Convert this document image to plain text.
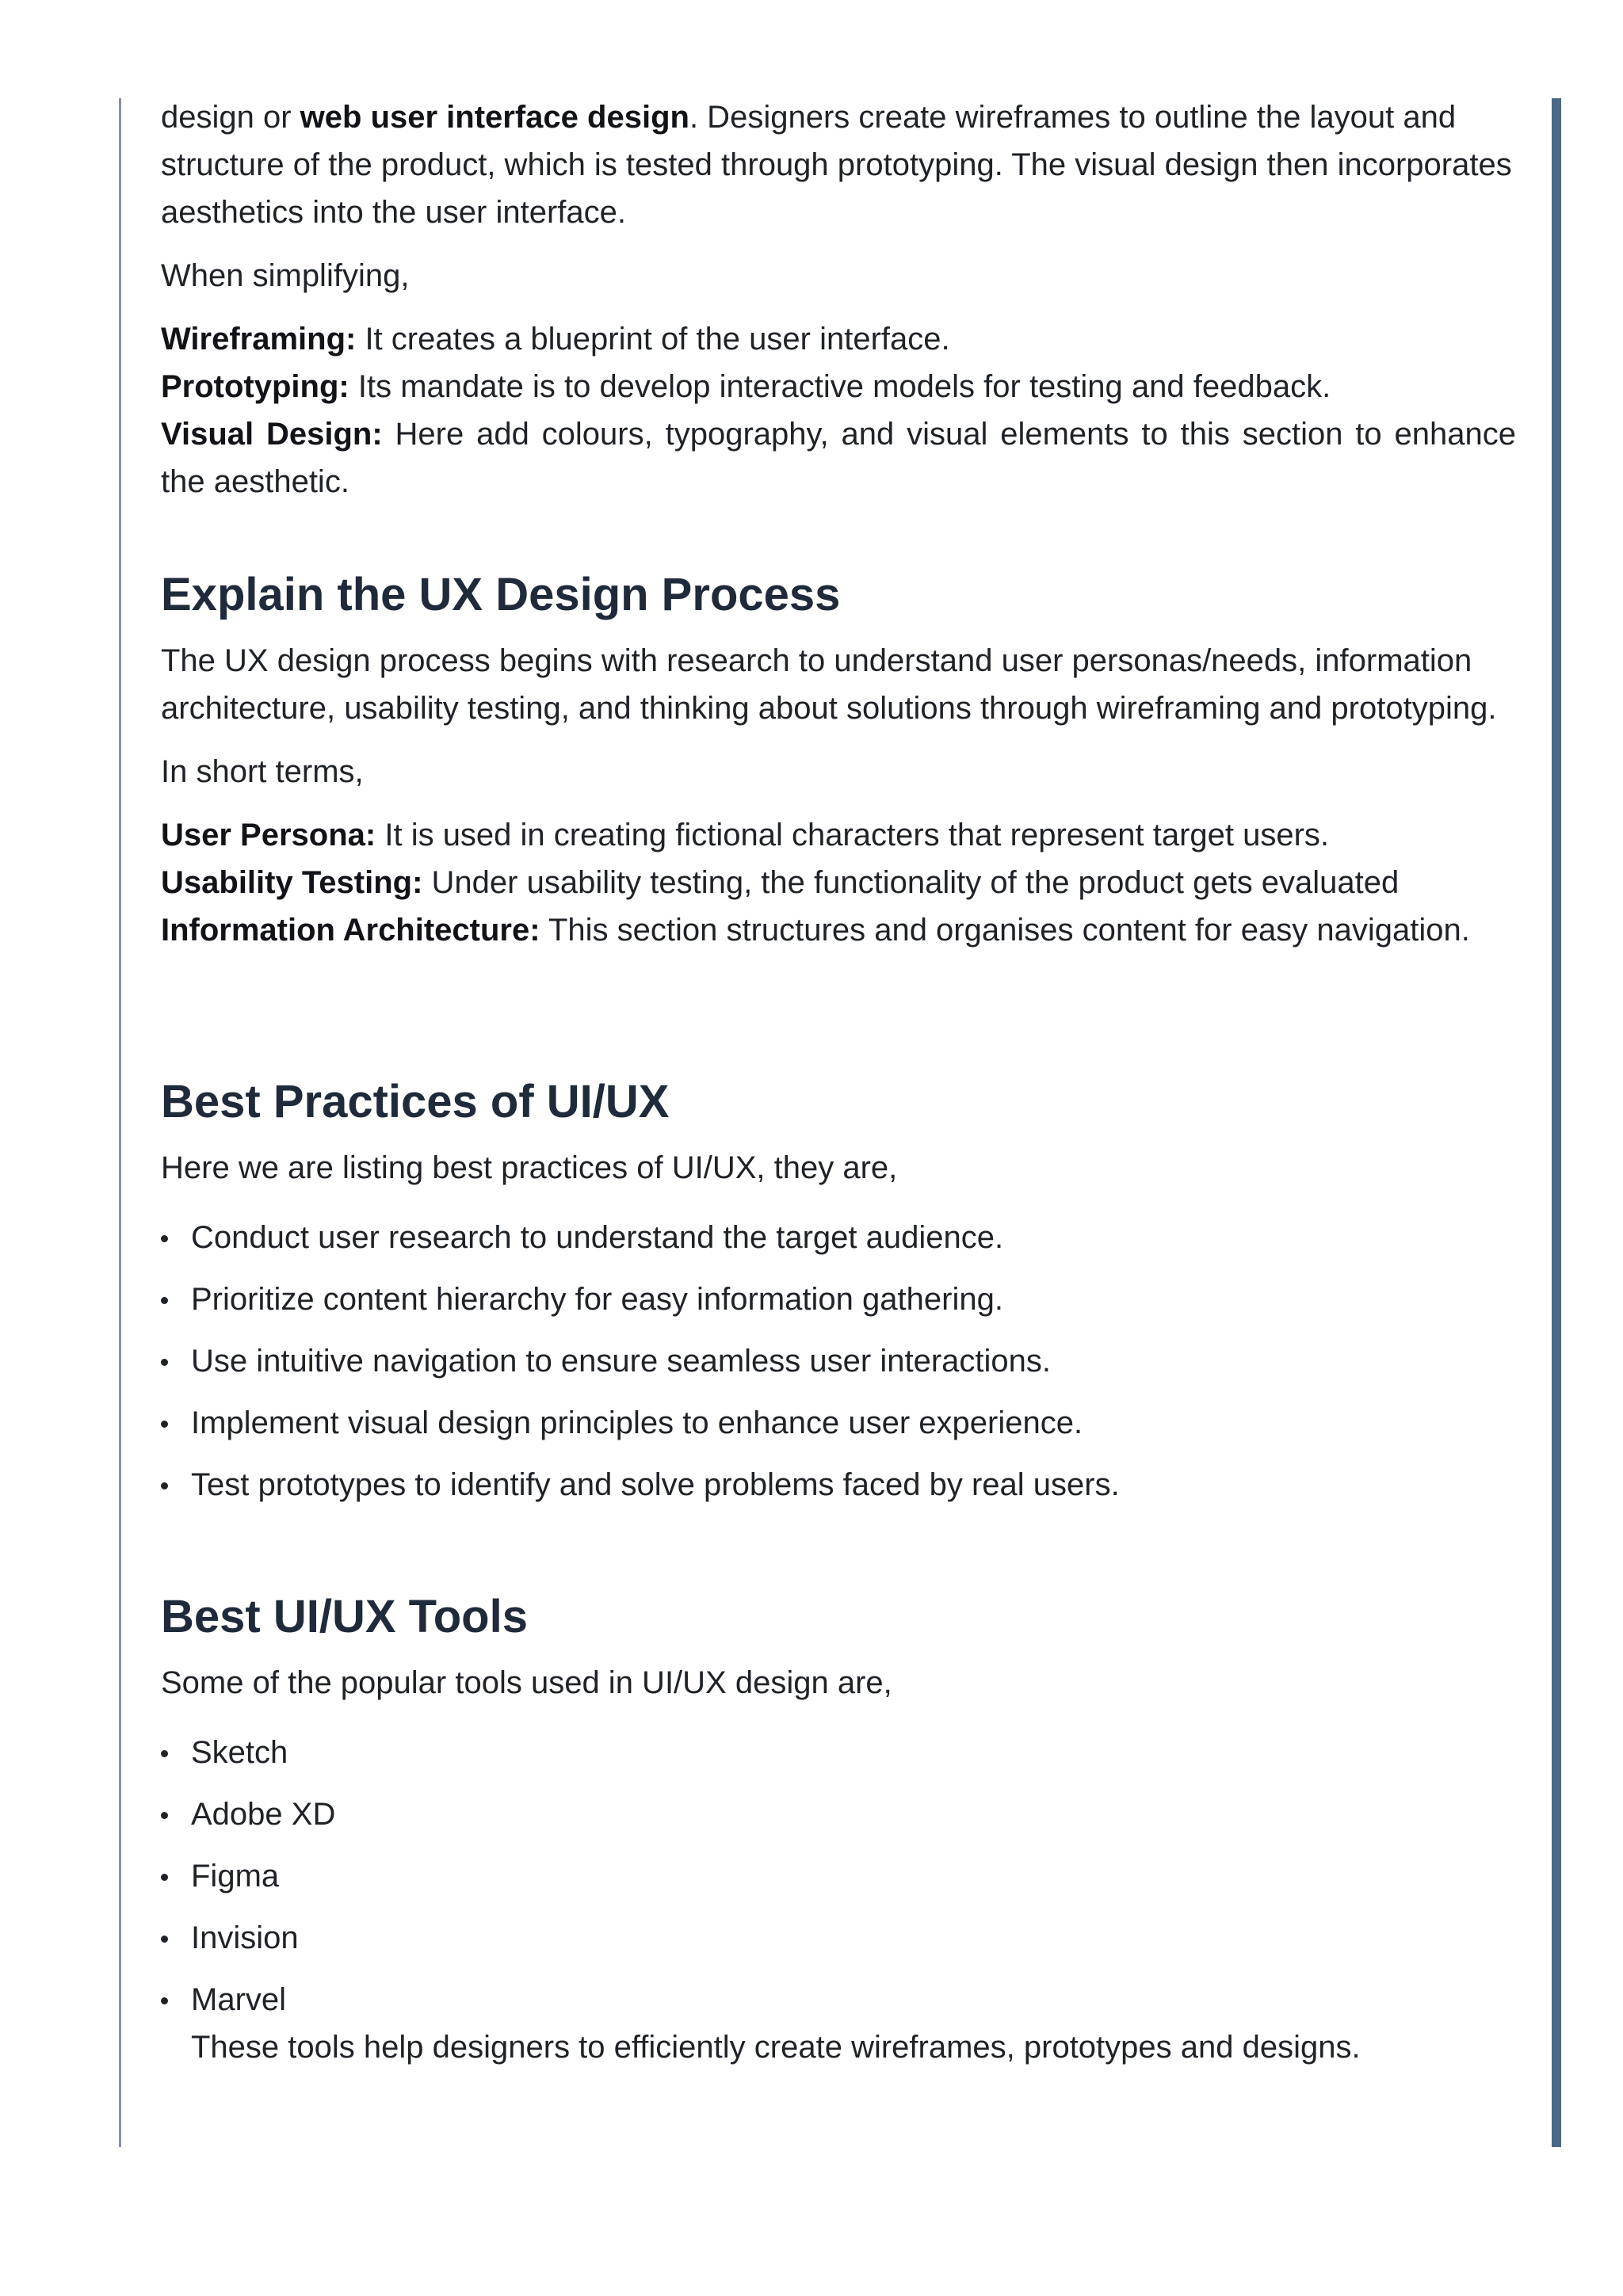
design or web user interface design. Designers create wireframes to outline the layout and structure of the product, which is tested through prototyping. The visual design then incorporates aesthetics into the user interface.

When simplifying,

Wireframing: It creates a blueprint of the user interface.
Prototyping: Its mandate is to develop interactive models for testing and feedback.
Visual Design: Here add colours, typography, and visual elements to this section to enhance the aesthetic.
Explain the UX Design Process

The UX design process begins with research to understand user personas/needs, information architecture, usability testing, and thinking about solutions through wireframing and prototyping.

In short terms,

User Persona: It is used in creating fictional characters that represent target users.
Usability Testing: Under usability testing, the functionality of the product gets evaluated
Information Architecture: This section structures and organises content for easy navigation.
Best Practices of UI/UX

Here we are listing best practices of UI/UX, they are,

Conduct user research to understand the target audience.
Prioritize content hierarchy for easy information gathering.
Use intuitive navigation to ensure seamless user interactions.
Implement visual design principles to enhance user experience.
Test prototypes to identify and solve problems faced by real users.
Best UI/UX Tools

Some of the popular tools used in UI/UX design are,

Sketch
Adobe XD
Figma
Invision
Marvel
These tools help designers to efficiently create wireframes, prototypes and designs.
